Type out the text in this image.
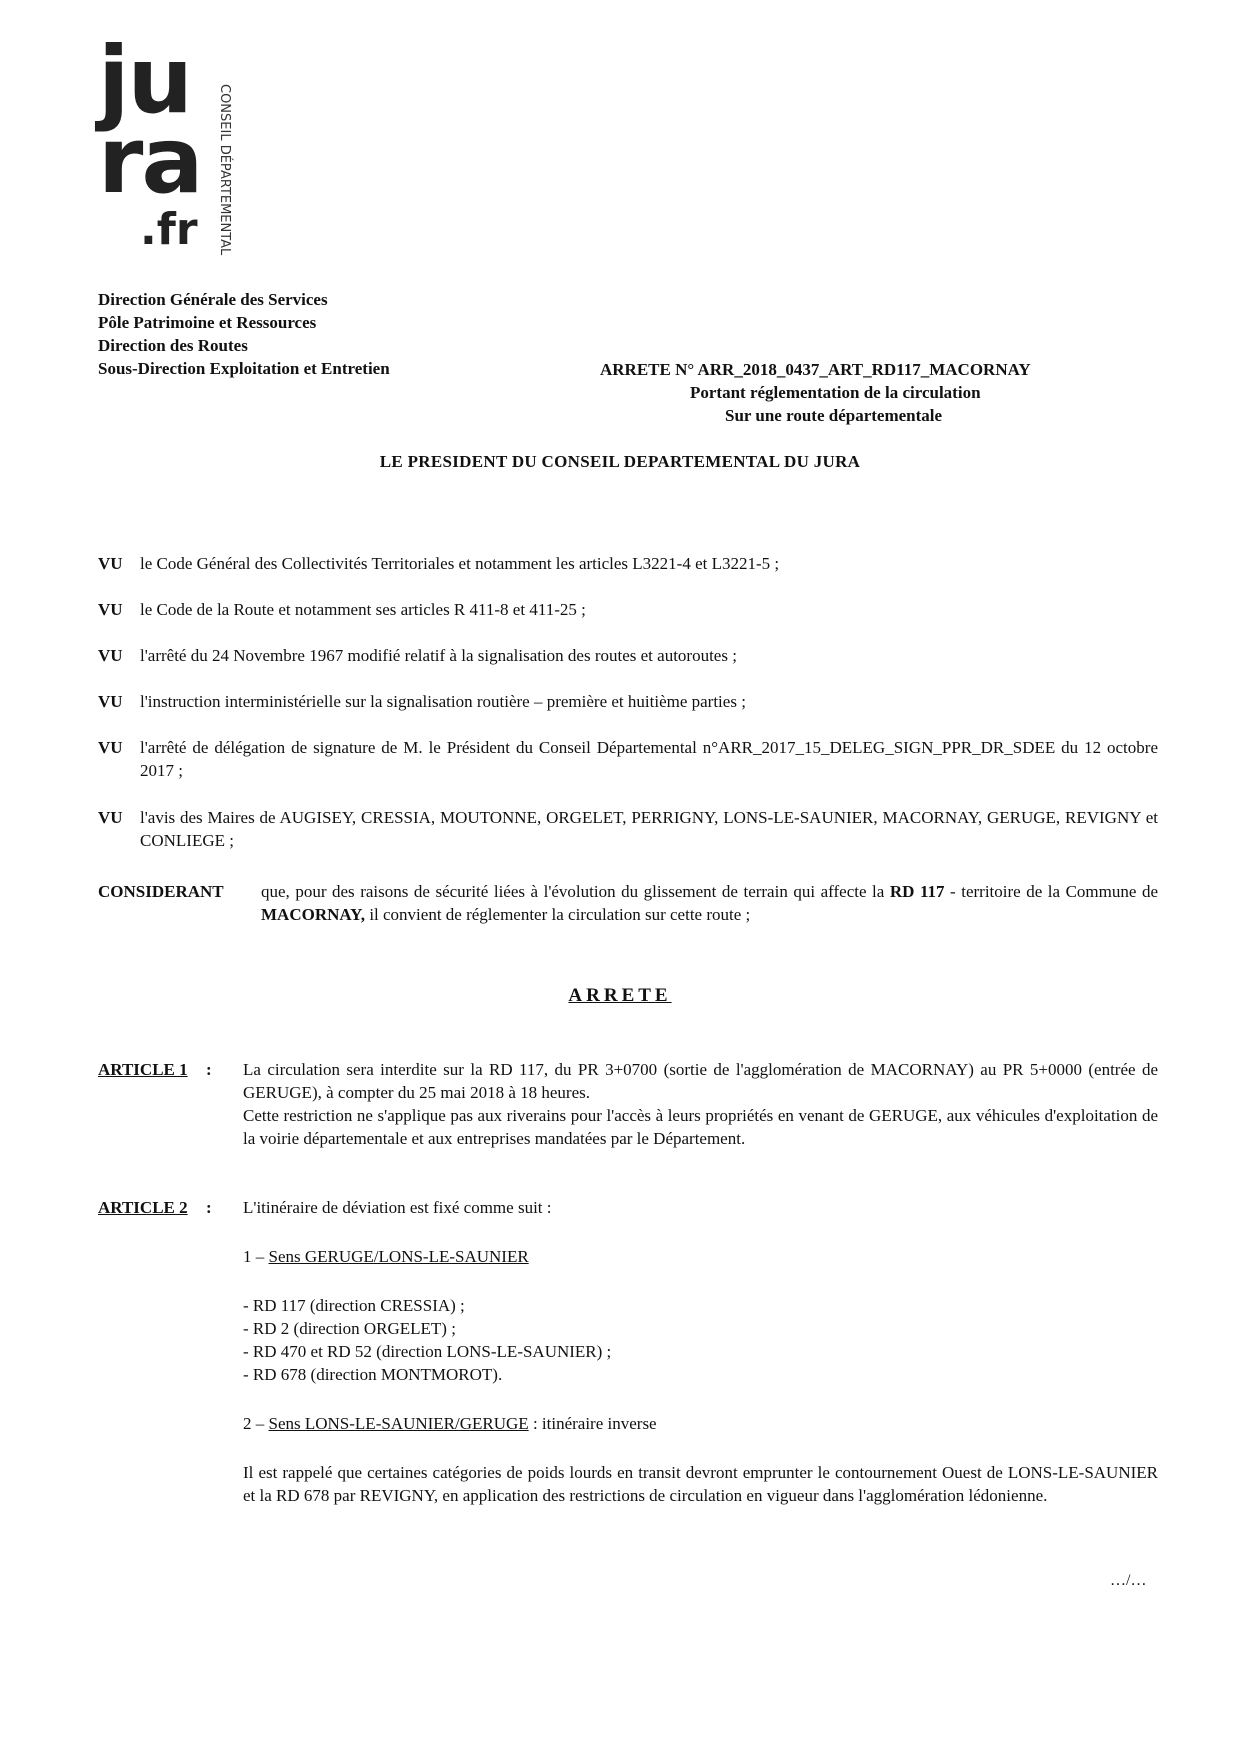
ju
ra
.fr CONSEIL DÉPARTEMENTAL
Direction Générale des Services
Pôle Patrimoine et Ressources
Direction des Routes
Sous-Direction Exploitation et Entretien	ARRETE N° ARR_2018_0437_ART_RD117_MACORNAY
Portant réglementation de la circulation
Sur une route départementale
LE PRESIDENT DU CONSEIL DEPARTEMENTAL DU JURA
VU le Code Général des Collectivités Territoriales et notamment les articles L3221-4 et L3221-5 ;
VU le Code de la Route et notamment ses articles R 411-8 et 411-25 ;
VU l'arrêté du 24 Novembre 1967 modifié relatif à la signalisation des routes et autoroutes ;
VU l'instruction interministérielle sur la signalisation routière – première et huitième parties ;
VU l'arrêté de délégation de signature de M. le Président du Conseil Départemental n°ARR_2017_15_DELEG_SIGN_PPR_DR_SDEE du 12 octobre 2017 ;
VU l'avis des Maires de AUGISEY, CRESSIA, MOUTONNE, ORGELET, PERRIGNY, LONS-LE-SAUNIER, MACORNAY, GERUGE, REVIGNY et CONLIEGE ;
CONSIDERANT que, pour des raisons de sécurité liées à l'évolution du glissement de terrain qui affecte la RD 117 - territoire de la Commune de MACORNAY, il convient de réglementer la circulation sur cette route ;
ARRETE
ARTICLE 1 : La circulation sera interdite sur la RD 117, du PR 3+0700 (sortie de l'agglomération de MACORNAY) au PR 5+0000 (entrée de GERUGE), à compter du 25 mai 2018 à 18 heures.

Cette restriction ne s'applique pas aux riverains pour l'accès à leurs propriétés en venant de GERUGE, aux véhicules d'exploitation de la voirie départementale et aux entreprises mandatées par le Département.

ARTICLE 2 : L'itinéraire de déviation est fixé comme suit :

1 – Sens GERUGE/LONS-LE-SAUNIER

- RD 117 (direction CRESSIA) ;

- RD 2 (direction ORGELET) ;

- RD 470 et RD 52 (direction LONS-LE-SAUNIER) ;

- RD 678 (direction MONTMOROT).

2 – Sens LONS-LE-SAUNIER/GERUGE : itinéraire inverse

Il est rappelé que certaines catégories de poids lourds en transit devront emprunter le contournement Ouest de LONS-LE-SAUNIER et la RD 678 par REVIGNY, en application des restrictions de circulation en vigueur dans l'agglomération lédonienne.

…/…
